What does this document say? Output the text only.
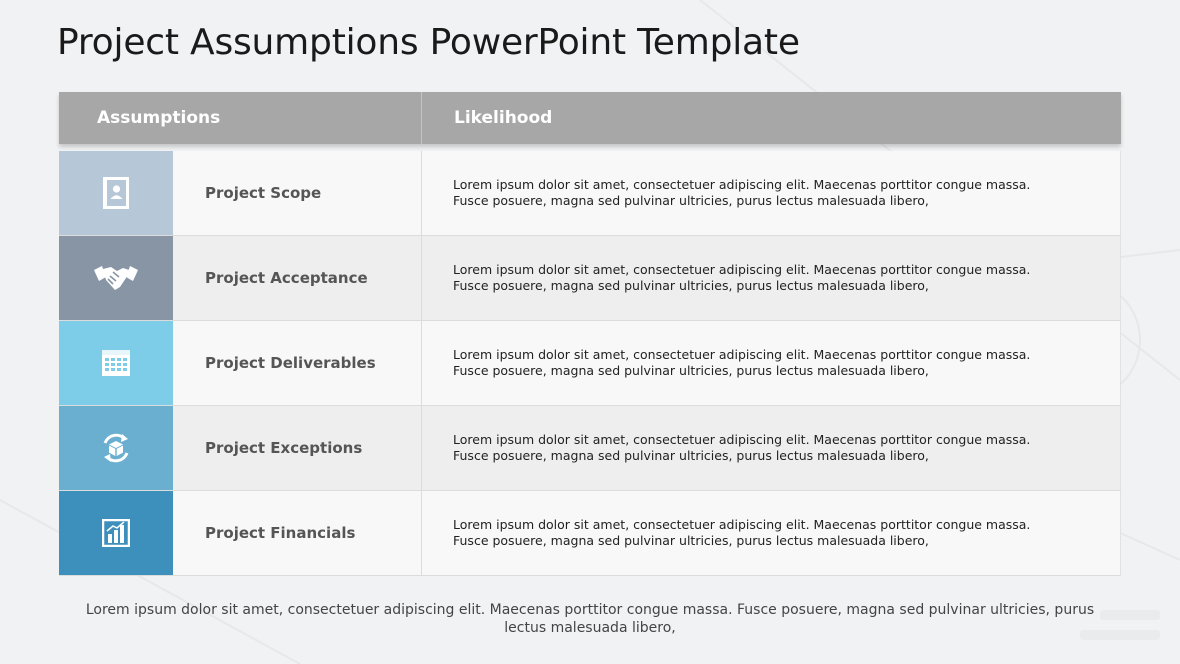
Project Assumptions PowerPoint Template
Assumptions	Likelihood
Project Scope	Lorem ipsum dolor sit amet, consectetuer adipiscing elit. Maecenas porttitor congue massa. Fusce posuere, magna sed pulvinar ultricies, purus lectus malesuada libero,
Project Acceptance	Lorem ipsum dolor sit amet, consectetuer adipiscing elit. Maecenas porttitor congue massa. Fusce posuere, magna sed pulvinar ultricies, purus lectus malesuada libero,
Project Deliverables	Lorem ipsum dolor sit amet, consectetuer adipiscing elit. Maecenas porttitor congue massa. Fusce posuere, magna sed pulvinar ultricies, purus lectus malesuada libero,
Project Exceptions	Lorem ipsum dolor sit amet, consectetuer adipiscing elit. Maecenas porttitor congue massa. Fusce posuere, magna sed pulvinar ultricies, purus lectus malesuada libero,
Project Financials	Lorem ipsum dolor sit amet, consectetuer adipiscing elit. Maecenas porttitor congue massa. Fusce posuere, magna sed pulvinar ultricies, purus lectus malesuada libero,
Lorem ipsum dolor sit amet, consectetuer adipiscing elit. Maecenas porttitor congue massa. Fusce posuere, magna sed pulvinar ultricies, purus lectus malesuada libero,
